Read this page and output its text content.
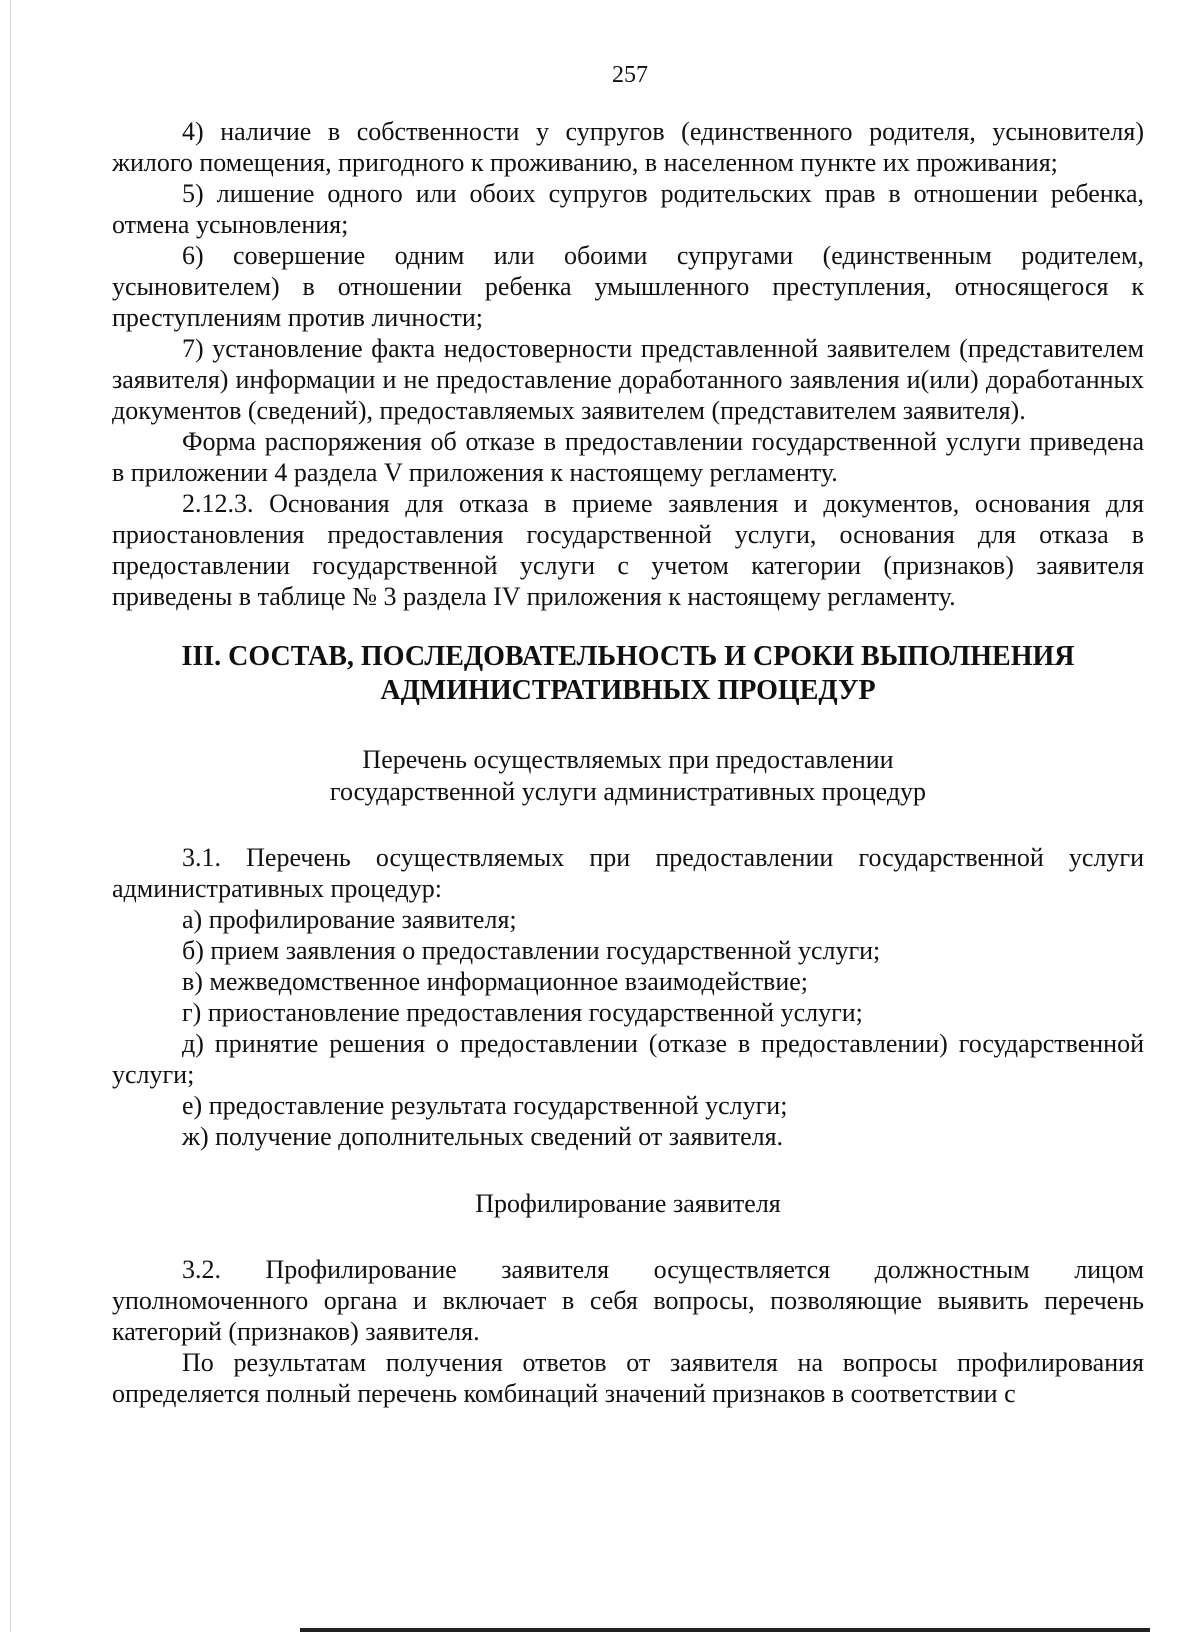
257

4) наличие в собственности у супругов (единственного родителя, усыновителя) жилого помещения, пригодного к проживанию, в населенном пункте их проживания;

5) лишение одного или обоих супругов родительских прав в отношении ребенка, отмена усыновления;

6) совершение одним или обоими супругами (единственным родителем, усыновителем) в отношении ребенка умышленного преступления, относящегося к преступлениям против личности;

7) установление факта недостоверности представленной заявителем (представителем заявителя) информации и не предоставление доработанного заявления и(или) доработанных документов (сведений), предоставляемых заявителем (представителем заявителя).

Форма распоряжения об отказе в предоставлении государственной услуги приведена в приложении 4 раздела V приложения к настоящему регламенту.

2.12.3. Основания для отказа в приеме заявления и документов, основания для приостановления предоставления государственной услуги, основания для отказа в предоставлении государственной услуги с учетом категории (признаков) заявителя приведены в таблице № 3 раздела IV приложения к настоящему регламенту.

III. СОСТАВ, ПОСЛЕДОВАТЕЛЬНОСТЬ И СРОКИ ВЫПОЛНЕНИЯ
АДМИНИСТРАТИВНЫХ ПРОЦЕДУР
Перечень осуществляемых при предоставлении
государственной услуги административных процедур

3.1. Перечень осуществляемых при предоставлении государственной услуги административных процедур:

а) профилирование заявителя;

б) прием заявления о предоставлении государственной услуги;

в) межведомственное информационное взаимодействие;

г) приостановление предоставления государственной услуги;

д) принятие решения о предоставлении (отказе в предоставлении) государственной услуги;

е) предоставление результата государственной услуги;

ж) получение дополнительных сведений от заявителя.

Профилирование заявителя

3.2. Профилирование заявителя осуществляется должностным лицом уполномоченного органа и включает в себя вопросы, позволяющие выявить перечень категорий (признаков) заявителя.

По результатам получения ответов от заявителя на вопросы профилирования определяется полный перечень комбинаций значений признаков в соответствии с
